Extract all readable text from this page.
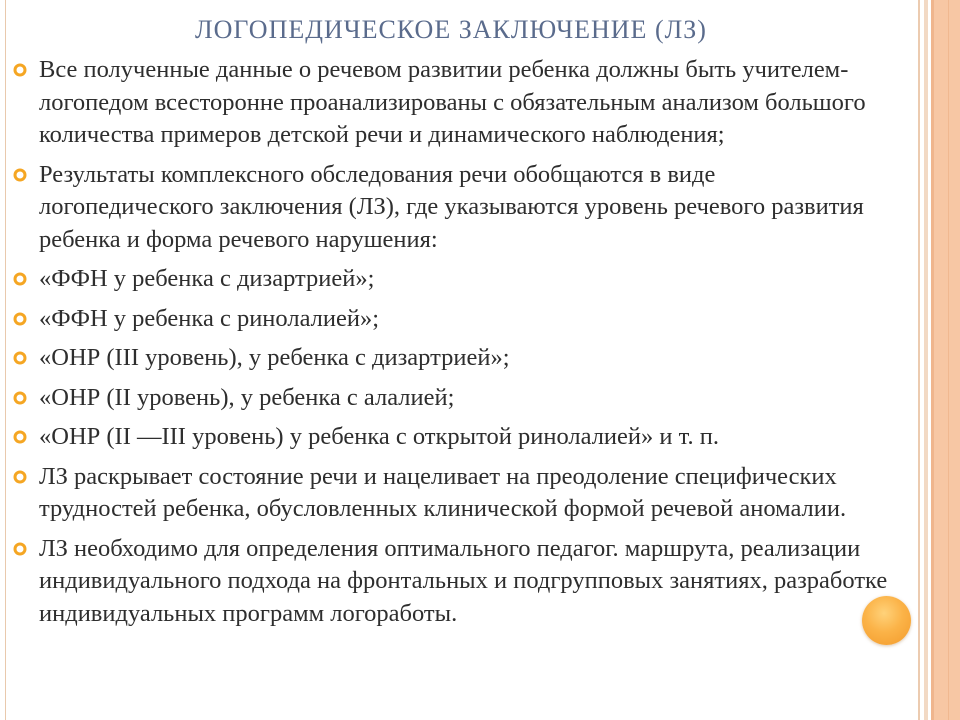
ЛОГОПЕДИЧЕСКОЕ ЗАКЛЮЧЕНИЕ (ЛЗ)
Все полученные данные о речевом развитии ребенка должны быть учителем-логопедом всесторонне проанализированы с обязательным анализом большого количества примеров детской речи и динамического наблюдения;
Результаты комплексного обследования речи обобщаются в виде логопедического заключения (ЛЗ), где указываются уровень речевого развития ребенка и форма речевого нарушения:
«ФФН у ребенка с дизартрией»;
«ФФН у ребенка с ринолалией»;
«ОНР (III уровень), у ребенка с дизартрией»;
«ОНР (II уровень), у ребенка с алалией;
«ОНР (II —III уровень) у ребенка с открытой ринолалией» и т. п.
ЛЗ раскрывает состояние речи и нацеливает на преодоление специфических трудностей ребенка, обусловленных клинической формой речевой аномалии.
ЛЗ необходимо для определения оптимального педагог. маршрута, реализации индивидуального подхода на фронтальных и подгрупповых занятиях, разработке индивидуальных программ логоработы.
